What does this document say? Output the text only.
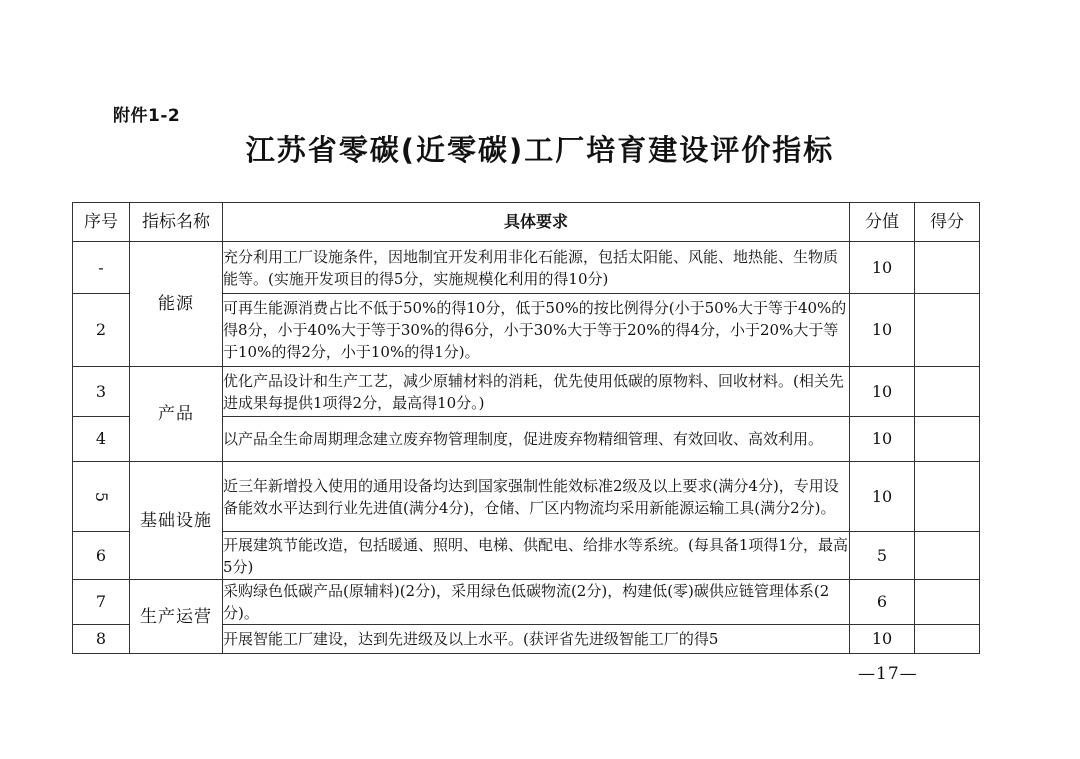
附件1-2
江苏省零碳(近零碳)工厂培育建设评价指标
序号	指标名称	具体要求	分值	得分
-	能源	充分利用工厂设施条件，因地制宜开发利用非化石能源，包括太阳能、风能、地热能、生物质能等。(实施开发项目的得5分，实施规模化利用的得10分)	10	
2		可再生能源消费占比不低于50%的得10分，低于50%的按比例得分(小于50%大于等于40%的得8分，小于40%大于等于30%的得6分，小于30%大于等于20%的得4分，小于20%大于等于10%的得2分，小于10%的得1分)。	10	
3	产品	优化产品设计和生产工艺，减少原辅材料的消耗，优先使用低碳的原物料、回收材料。(相关先进成果每提供1项得2分，最高得10分。)	10	
4		以产品全生命周期理念建立废弃物管理制度，促进废弃物精细管理、有效回收、高效利用。	10	
5	基础设施	近三年新增投入使用的通用设备均达到国家强制性能效标准2级及以上要求(满分4分)，专用设备能效水平达到行业先进值(满分4分)，仓储、厂区内物流均采用新能源运输工具(满分2分)。	10	
6		开展建筑节能改造，包括暖通、照明、电梯、供配电、给排水等系统。(每具备1项得1分，最高5分)	5	
7	生产运营	采购绿色低碳产品(原辅料)(2分)，采用绿色低碳物流(2分)，构建低(零)碳供应链管理体系(2分)。	6	
8		开展智能工厂建设，达到先进级及以上水平。(获评省先进级智能工厂的得5	10	
—17—
